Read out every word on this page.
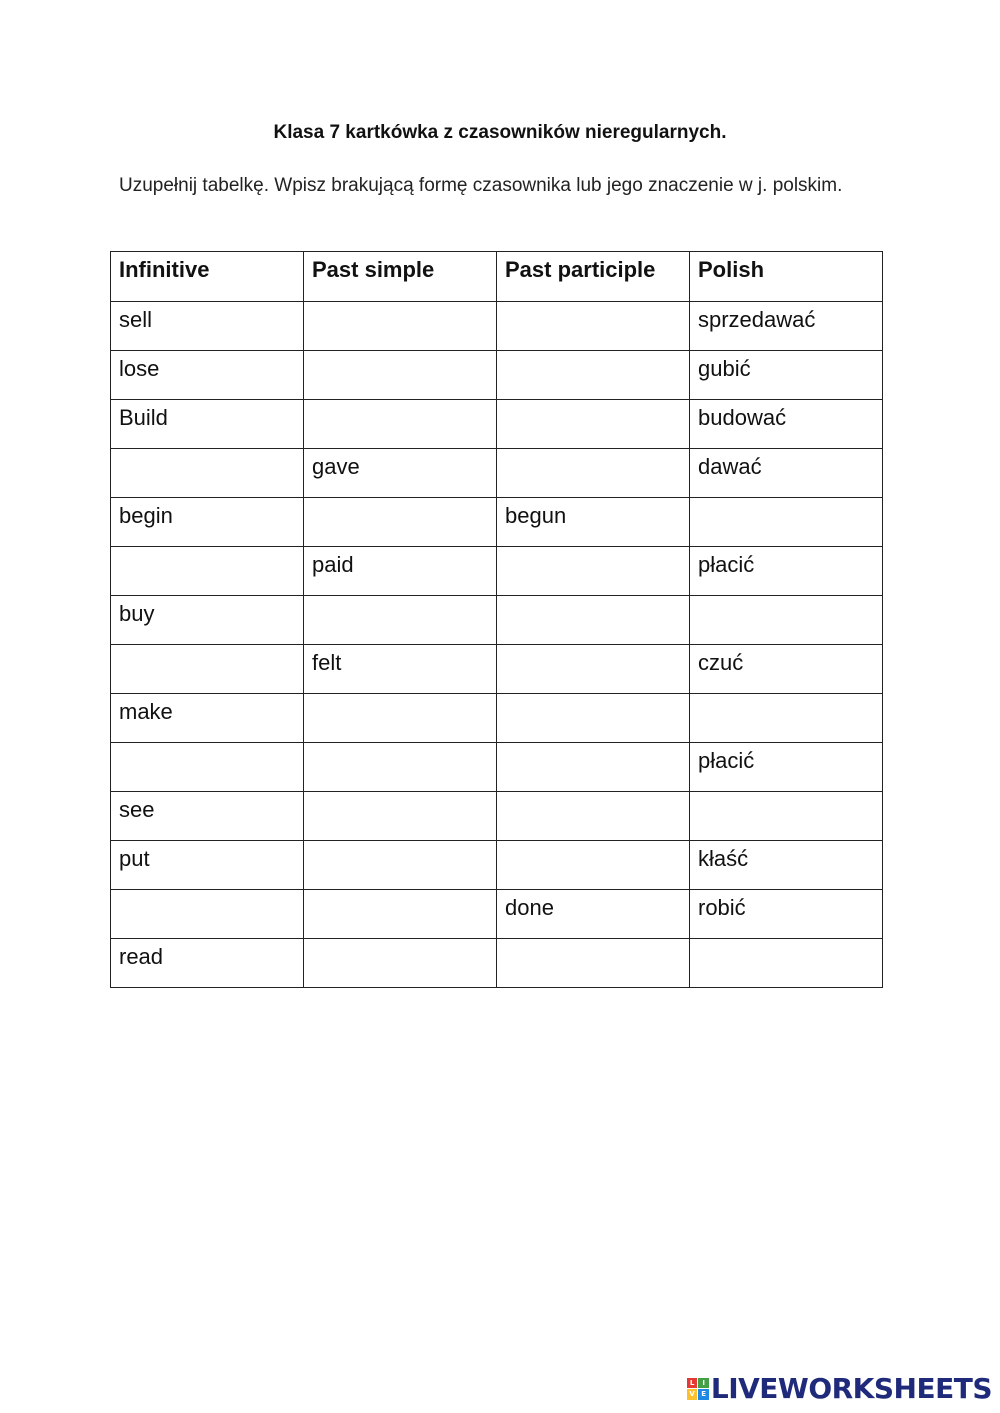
Klasa 7 kartkówka z czasowników nieregularnych.
Uzupełnij tabelkę. Wpisz brakującą formę czasownika lub jego znaczenie w j. polskim.
Infinitive	Past simple	Past participle	Polish
sell			sprzedawać
lose			gubić
Build			budować
	gave		dawać
begin		begun	
	paid		płacić
buy			
	felt		czuć
make			
			płacić
see			
put			kłaść
		done	robić
read			
L	I
V E LIVEWORKSHEETS
